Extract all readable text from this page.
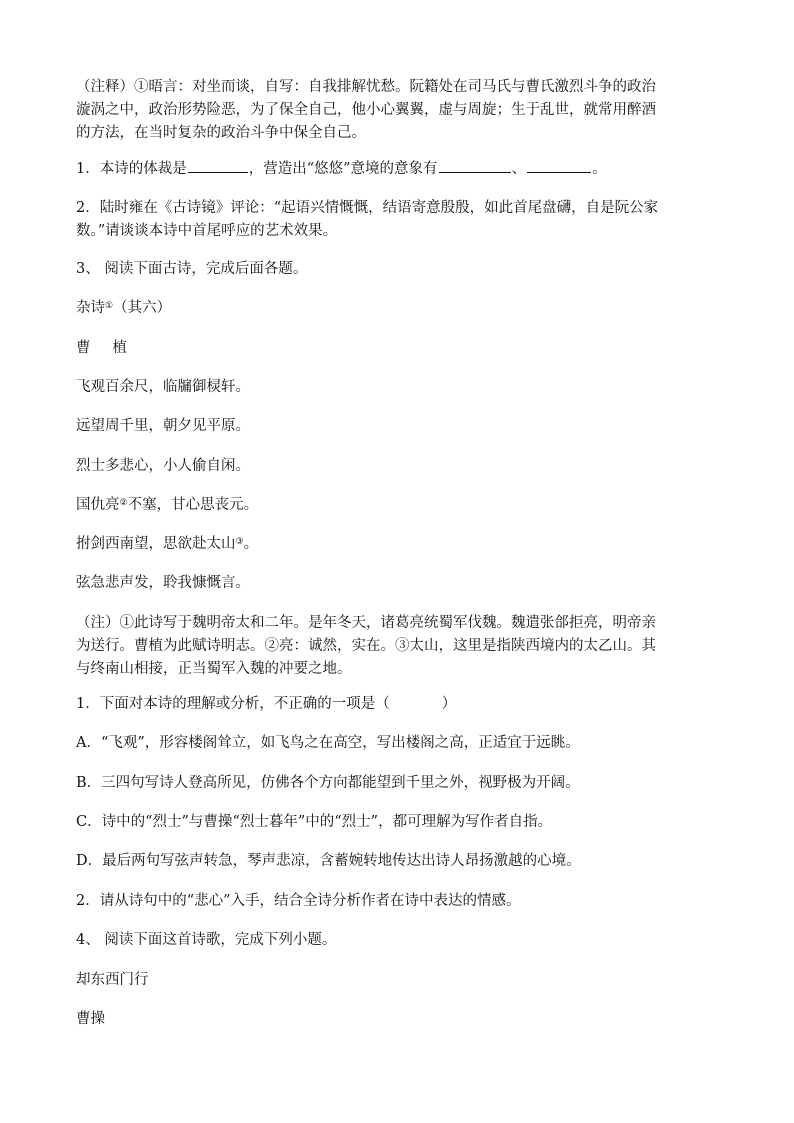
（注释）①晤言：对坐而谈，自写：自我排解忧愁。阮籍处在司马氏与曹氏激烈斗争的政治
漩涡之中，政治形势险恶，为了保全自己，他小心翼翼，虚与周旋；生于乱世，就常用醉酒
的方法，在当时复杂的政治斗争中保全自己。

1．本诗的体裁是	，营造出“悠悠”意境的意象有	、	。

2．陆时雍在《古诗镜》评论：“起语兴情慨慨，结语寄意殷殷，如此首尾盘礴，自是阮公家
数。”请谈谈本诗中首尾呼应的艺术效果。

3、 阅读下面古诗，完成后面各题。

杂诗①（其六）

曹 植

飞观百余尺，临牖御棂轩。

远望周千里，朝夕见平原。

烈士多悲心，小人偷自闲。

国仇亮②不塞，甘心思丧元。

拊剑西南望，思欲赴太山③。

弦急悲声发，聆我慷慨言。

（注）①此诗写于魏明帝太和二年。是年冬天，诸葛亮统蜀军伐魏。魏遣张郃拒亮，明帝亲
为送行。曹植为此赋诗明志。②亮：诚然，实在。③太山，这里是指陕西境内的太乙山。其
与终南山相接，正当蜀军入魏的冲要之地。

1．下面对本诗的理解或分析，不正确的一项是（	）

A．“飞观”，形容楼阁耸立，如飞鸟之在高空，写出楼阁之高，正适宜于远眺。

B．三四句写诗人登高所见，仿佛各个方向都能望到千里之外，视野极为开阔。

C．诗中的“烈士”与曹操“烈士暮年”中的“烈士”，都可理解为写作者自指。

D．最后两句写弦声转急，琴声悲凉，含蓄婉转地传达出诗人昂扬激越的心境。

2．请从诗句中的“悲心”入手，结合全诗分析作者在诗中表达的情感。

4、 阅读下面这首诗歌，完成下列小题。

却东西门行

曹操
